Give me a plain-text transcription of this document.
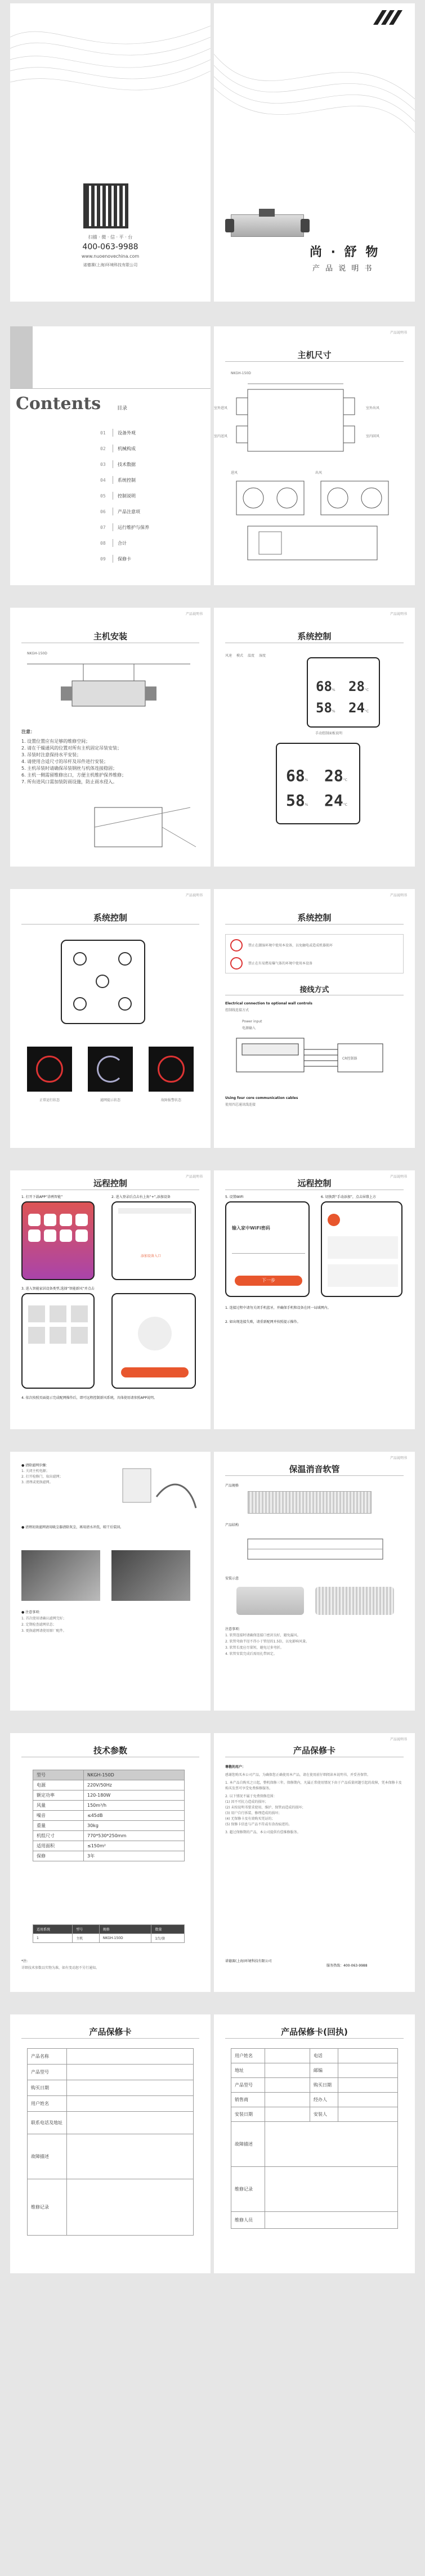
扫描 · 微 · 信 · 平 · 台
400-063-9988
www.nuoenovechina.com
诺德赛(上海)环境科技有限公司
尚 · 舒 物
产 品 说 明 书
Contents	目录
01	设备外观
02	机械构成
03	技术数据
04	系统控制
05	控制说明
06	产品注意项
07	运行维护与保养
08	合计
09	保修卡
产品说明书
主机尺寸
NKGH-150D
室外出风
室外进风
室内回风
室内送风
进风	出风
产品说明书
主机安装
NKGH-150D
注意：
1. 设置位置应有足够的维修空间；
2. 请在干燥通风的位置对所有主机固定吊装安装；
3. 吊装时注意保持水平安装；
4. 请使用合适尺寸的吊杆及吊件进行安装；
5. 主机吊装时请确保吊装钢丝与机体连接稳固；
6. 主机一侧需留维修出口，方便主机维护保养维修；
7. 所有进风口需加装防雨设施，防止雨水侵入。
产品说明书
系统控制
风速 模式 温度 湿度
68% 28°C
58% 24°C
手动控制面板说明
68% 28°C
58% 24°C
产品说明书
系统控制
正常运行状态	滤网提示状态	故障报警状态
产品说明书
系统控制
禁止在潮湿环境中使用本设备，以免触电或造成机器损坏
禁止在有易燃易爆气体的环境中使用本设备
接线方式
Electrical connection to optional wall controls
控制线连接方式
Power input
电源输入
CR控制器
Using four core communication cables
使用四芯通讯线连接
产品说明书
远程控制
1. 打开下载APP“涂鸦智能”	2. 进入登录后点击右上角“+”,添加设备
添加设备入口
3. 进入智能家居设备类型,选择“智能新风”并点击
4. 依次按照页面提示完成配网操作后，即可远程控制新风系统，具体使用请参照APP说明。
产品说明书
远程控制
5. 设置WIFI	6. 切换到“手动添加”，点击屏幕上方
输入家中WiFi密码
下一步
1. 连接过程中请勿关闭手机蓝牙，并确保手机和设备在同一局域网内。
2. 如出现连接失败，请重新配网并按照提示操作。
● 清除滤网步骤：
1. 关闭主机电源；
2. 打开检修门，取出滤网；
3. 清理或更换滤网。
● 清理初效滤网请用吸尘器清除灰尘，再用清水冲洗，晾干后装回。
● 注意事项：
1. 首次使用请确认滤网完好；
2. 定期检查滤网状态；
3. 更换滤网请使用原厂配件。
产品说明书
保温消音软管
产品规格
产品结构
安装示意
注意事项：
1. 软管连接时请确保连接口密封良好，避免漏风。
2. 软管弯曲半径不得小于管径的1.5倍，以免影响风量。
3. 软管长度应尽量短，避免过多弯折。
4. 软管安装完成后需用扎带固定。
技术参数
型号	NKGH-150D
电源	220V/50Hz
额定功率	120-180W
风量	150m³/h
噪音	≤45dB
重量	30kg
机组尺寸	770*530*250mm
适用面积	≤150m²
保修	3年
适用系统	型号	规格	数量
1	主机	NKGH-150D	1台/套
*注:
详细技术参数以实物为准，如有变动恕不另行通知。
产品说明书
产品保修卡
尊敬的用户：
感谢您购买本公司产品，为确保您正确使用本产品，请在使用前仔细阅读本说明书，并妥善保管。
1. 本产品自购买之日起，整机保修三年。保修期内，凡属正常使用情况下由于产品质量问题引起的故障，凭本保修卡及购买发票可享受免费维修服务。
2. 以下情况不属于免费保修范围：
(1) 因不可抗力造成的损坏；
(2) 未按说明书要求使用、维护、保管而造成的损坏；
(3) 用户自行拆装、修理造成的损坏；
(4) 无保修卡及有效购买凭证的；
(5) 保修卡信息与产品不符或有涂改痕迹的。
3. 超过保修期的产品，本公司提供有偿维修服务。
诺德赛(上海)环境科技有限公司
服务热线：400-063-9988
产品保修卡
产品名称	
产品型号	
购买日期	
用户姓名	
联系电话及地址	
故障描述	
维修记录	
产品保修卡(回执)
用户姓名		电话	
地址		邮编	
产品型号		购买日期	
销售商		经办人	
安装日期		安装人	
故障描述			
维修记录			
维修人员			
